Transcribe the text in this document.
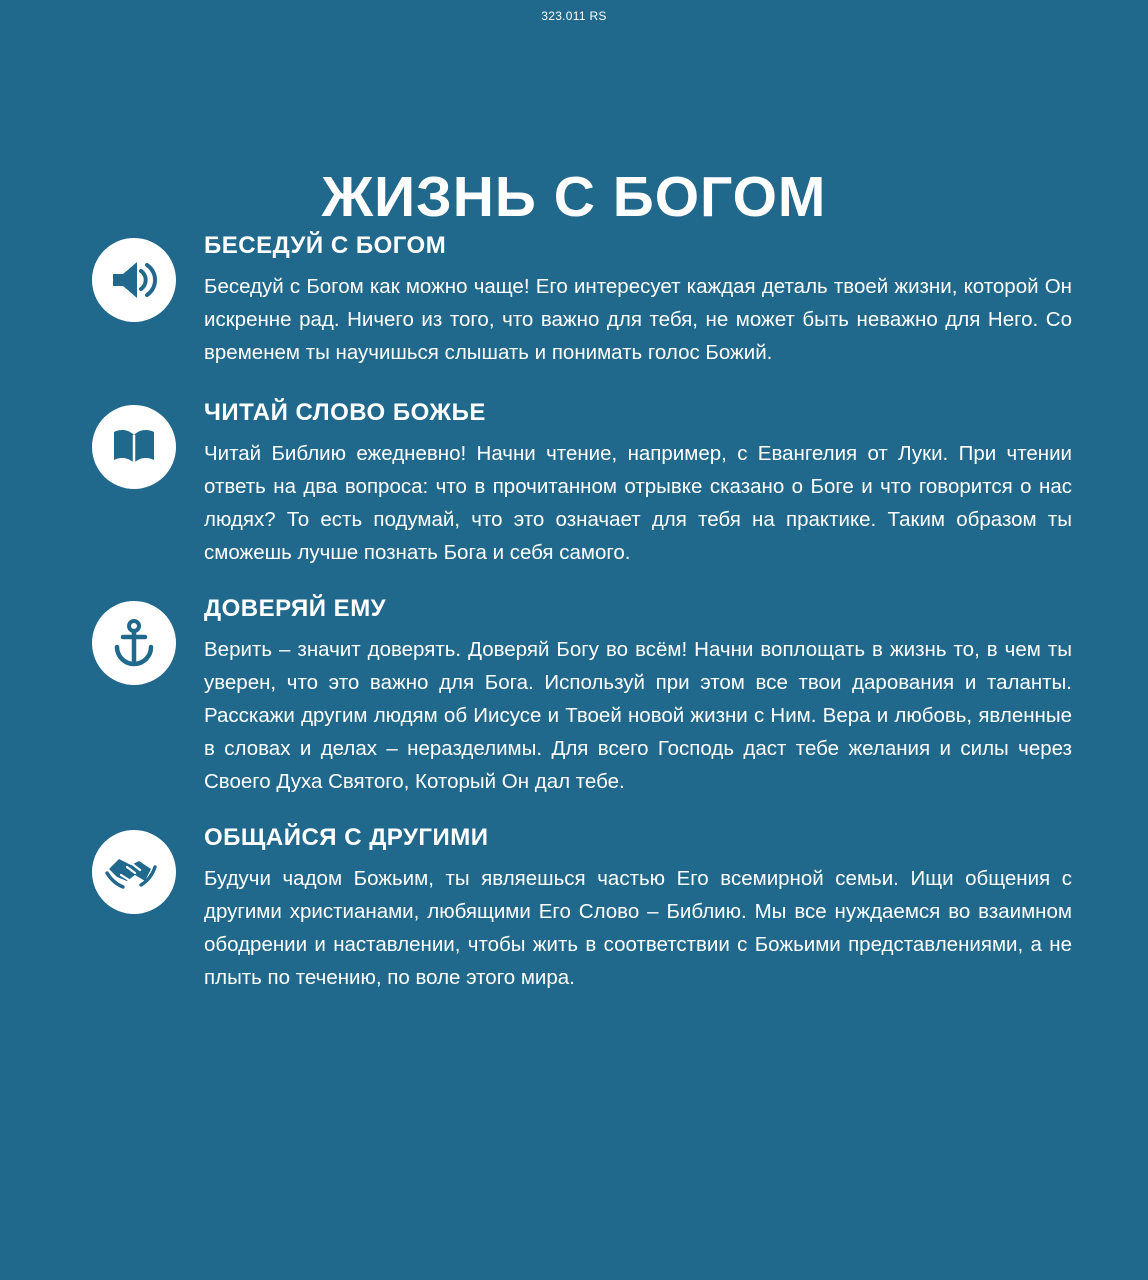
323.011 RS
ЖИЗНЬ С БОГОМ
БЕСЕДУЙ С БОГОМ

Беседуй с Богом как можно чаще! Его интересует каждая деталь твоей жизни, которой Он искренне рад. Ничего из того, что важно для тебя, не может быть неважно для Него. Со временем ты научишься слышать и понимать голос Божий.

ЧИТАЙ СЛОВО БОЖЬЕ

Читай Библию ежедневно! Начни чтение, например, с Евангелия от Луки. При чтении ответь на два вопроса: что в прочитанном отрывке сказано о Боге и что говорится о нас людях? То есть подумай, что это означает для тебя на практике. Таким образом ты сможешь лучше познать Бога и себя самого.

ДОВЕРЯЙ ЕМУ

Верить – значит доверять. Доверяй Богу во всём! Начни воплощать в жизнь то, в чем ты уверен, что это важно для Бога. Используй при этом все твои дарования и таланты. Расскажи другим людям об Иисусе и Твоей новой жизни с Ним. Вера и любовь, явленные в словах и делах – неразделимы. Для всего Господь даст тебе желания и силы через Своего Духа Святого, Который Он дал тебе.

ОБЩАЙСЯ С ДРУГИМИ

Будучи чадом Божьим, ты являешься частью Его всемирной семьи. Ищи общения с другими христианами, любящими Его Слово – Библию. Мы все нуждаемся во взаимном ободрении и наставлении, чтобы жить в соответствии с Божьими представлениями, а не плыть по течению, по воле этого мира.
